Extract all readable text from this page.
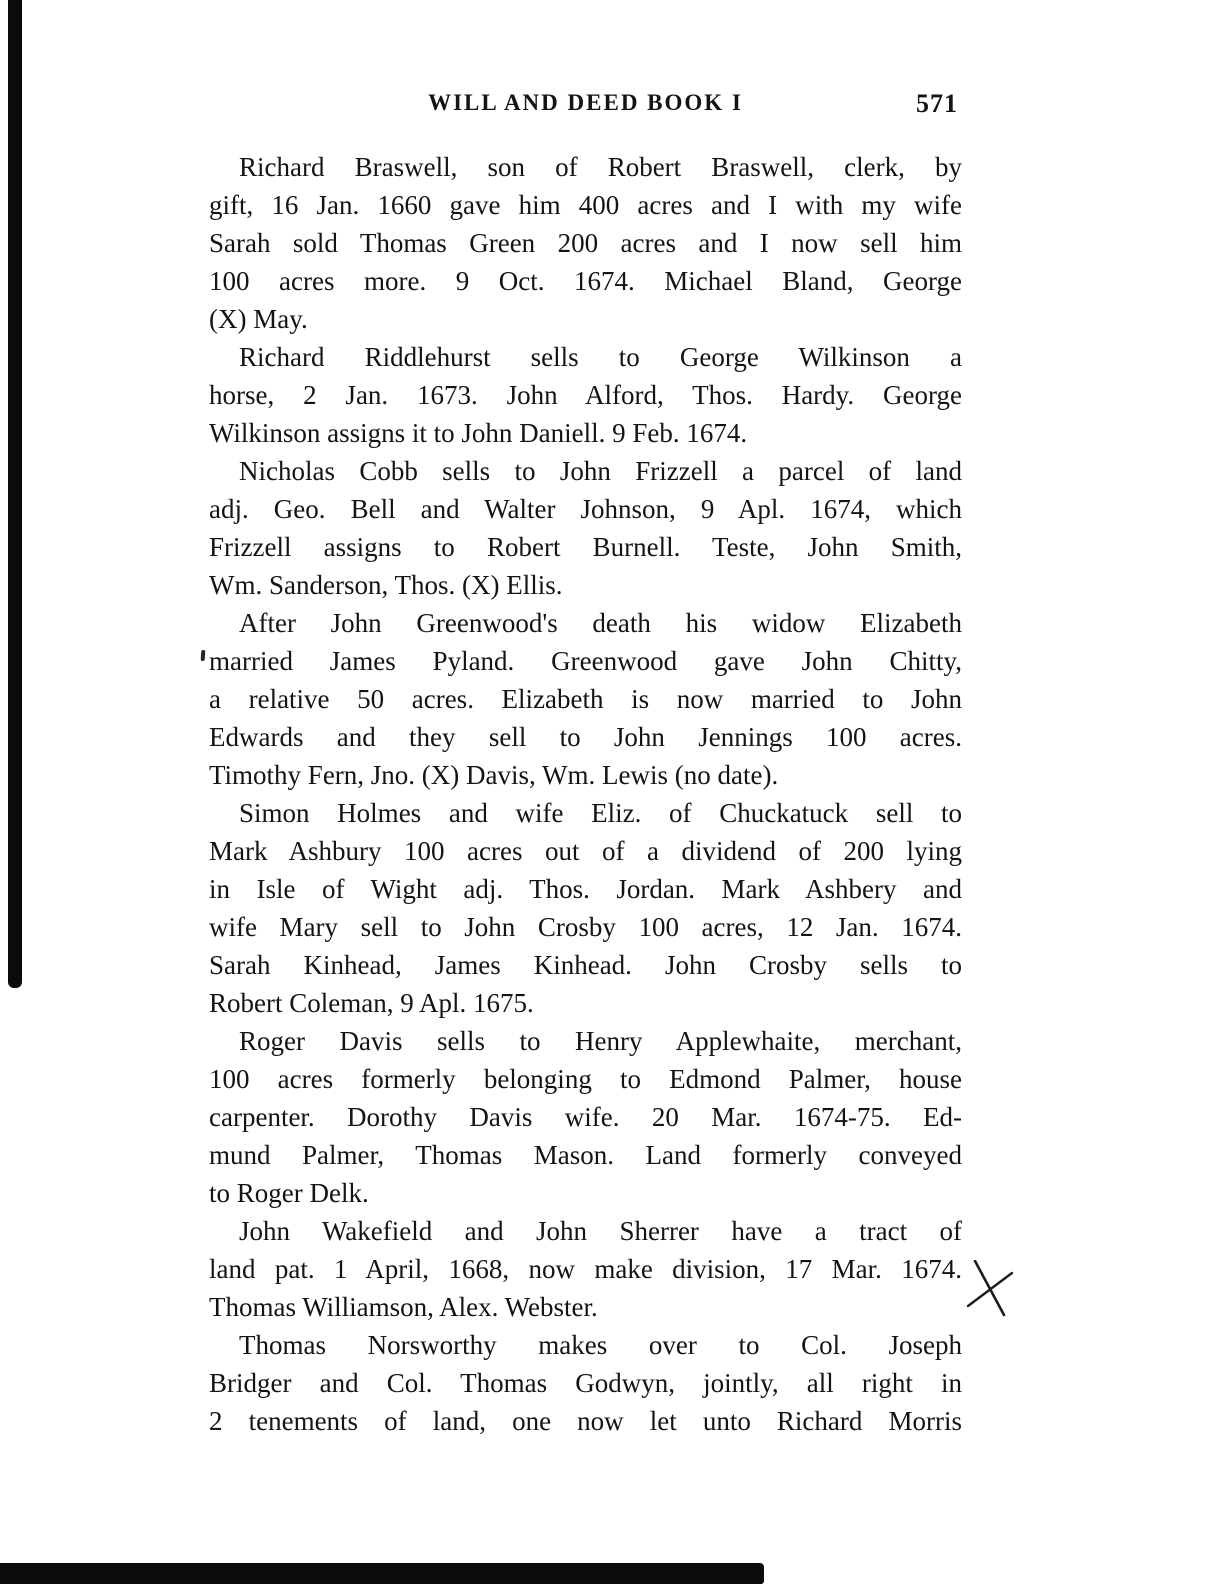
WILL AND DEED BOOK I	571
Richard Braswell, son of Robert Braswell, clerk, by
gift, 16 Jan. 1660 gave him 400 acres and I with my wife
Sarah sold Thomas Green 200 acres and I now sell him
100 acres more. 9 Oct. 1674. Michael Bland, George
(X) May.
Richard Riddlehurst sells to George Wilkinson a
horse, 2 Jan. 1673. John Alford, Thos. Hardy. George
Wilkinson assigns it to John Daniell. 9 Feb. 1674.
Nicholas Cobb sells to John Frizzell a parcel of land
adj. Geo. Bell and Walter Johnson, 9 Apl. 1674, which
Frizzell assigns to Robert Burnell. Teste, John Smith,
Wm. Sanderson, Thos. (X) Ellis.
After John Greenwood's death his widow Elizabeth
married James Pyland. Greenwood gave John Chitty,
a relative 50 acres. Elizabeth is now married to John
Edwards and they sell to John Jennings 100 acres.
Timothy Fern, Jno. (X) Davis, Wm. Lewis (no date).
Simon Holmes and wife Eliz. of Chuckatuck sell to
Mark Ashbury 100 acres out of a dividend of 200 lying
in Isle of Wight adj. Thos. Jordan. Mark Ashbery and
wife Mary sell to John Crosby 100 acres, 12 Jan. 1674.
Sarah Kinhead, James Kinhead. John Crosby sells to
Robert Coleman, 9 Apl. 1675.
Roger Davis sells to Henry Applewhaite, merchant,
100 acres formerly belonging to Edmond Palmer, house
carpenter. Dorothy Davis wife. 20 Mar. 1674-75. Ed-
mund Palmer, Thomas Mason. Land formerly conveyed
to Roger Delk.
John Wakefield and John Sherrer have a tract of
land pat. 1 April, 1668, now make division, 17 Mar. 1674.
Thomas Williamson, Alex. Webster.
Thomas Norsworthy makes over to Col. Joseph
Bridger and Col. Thomas Godwyn, jointly, all right in
2 tenements of land, one now let unto Richard Morris
